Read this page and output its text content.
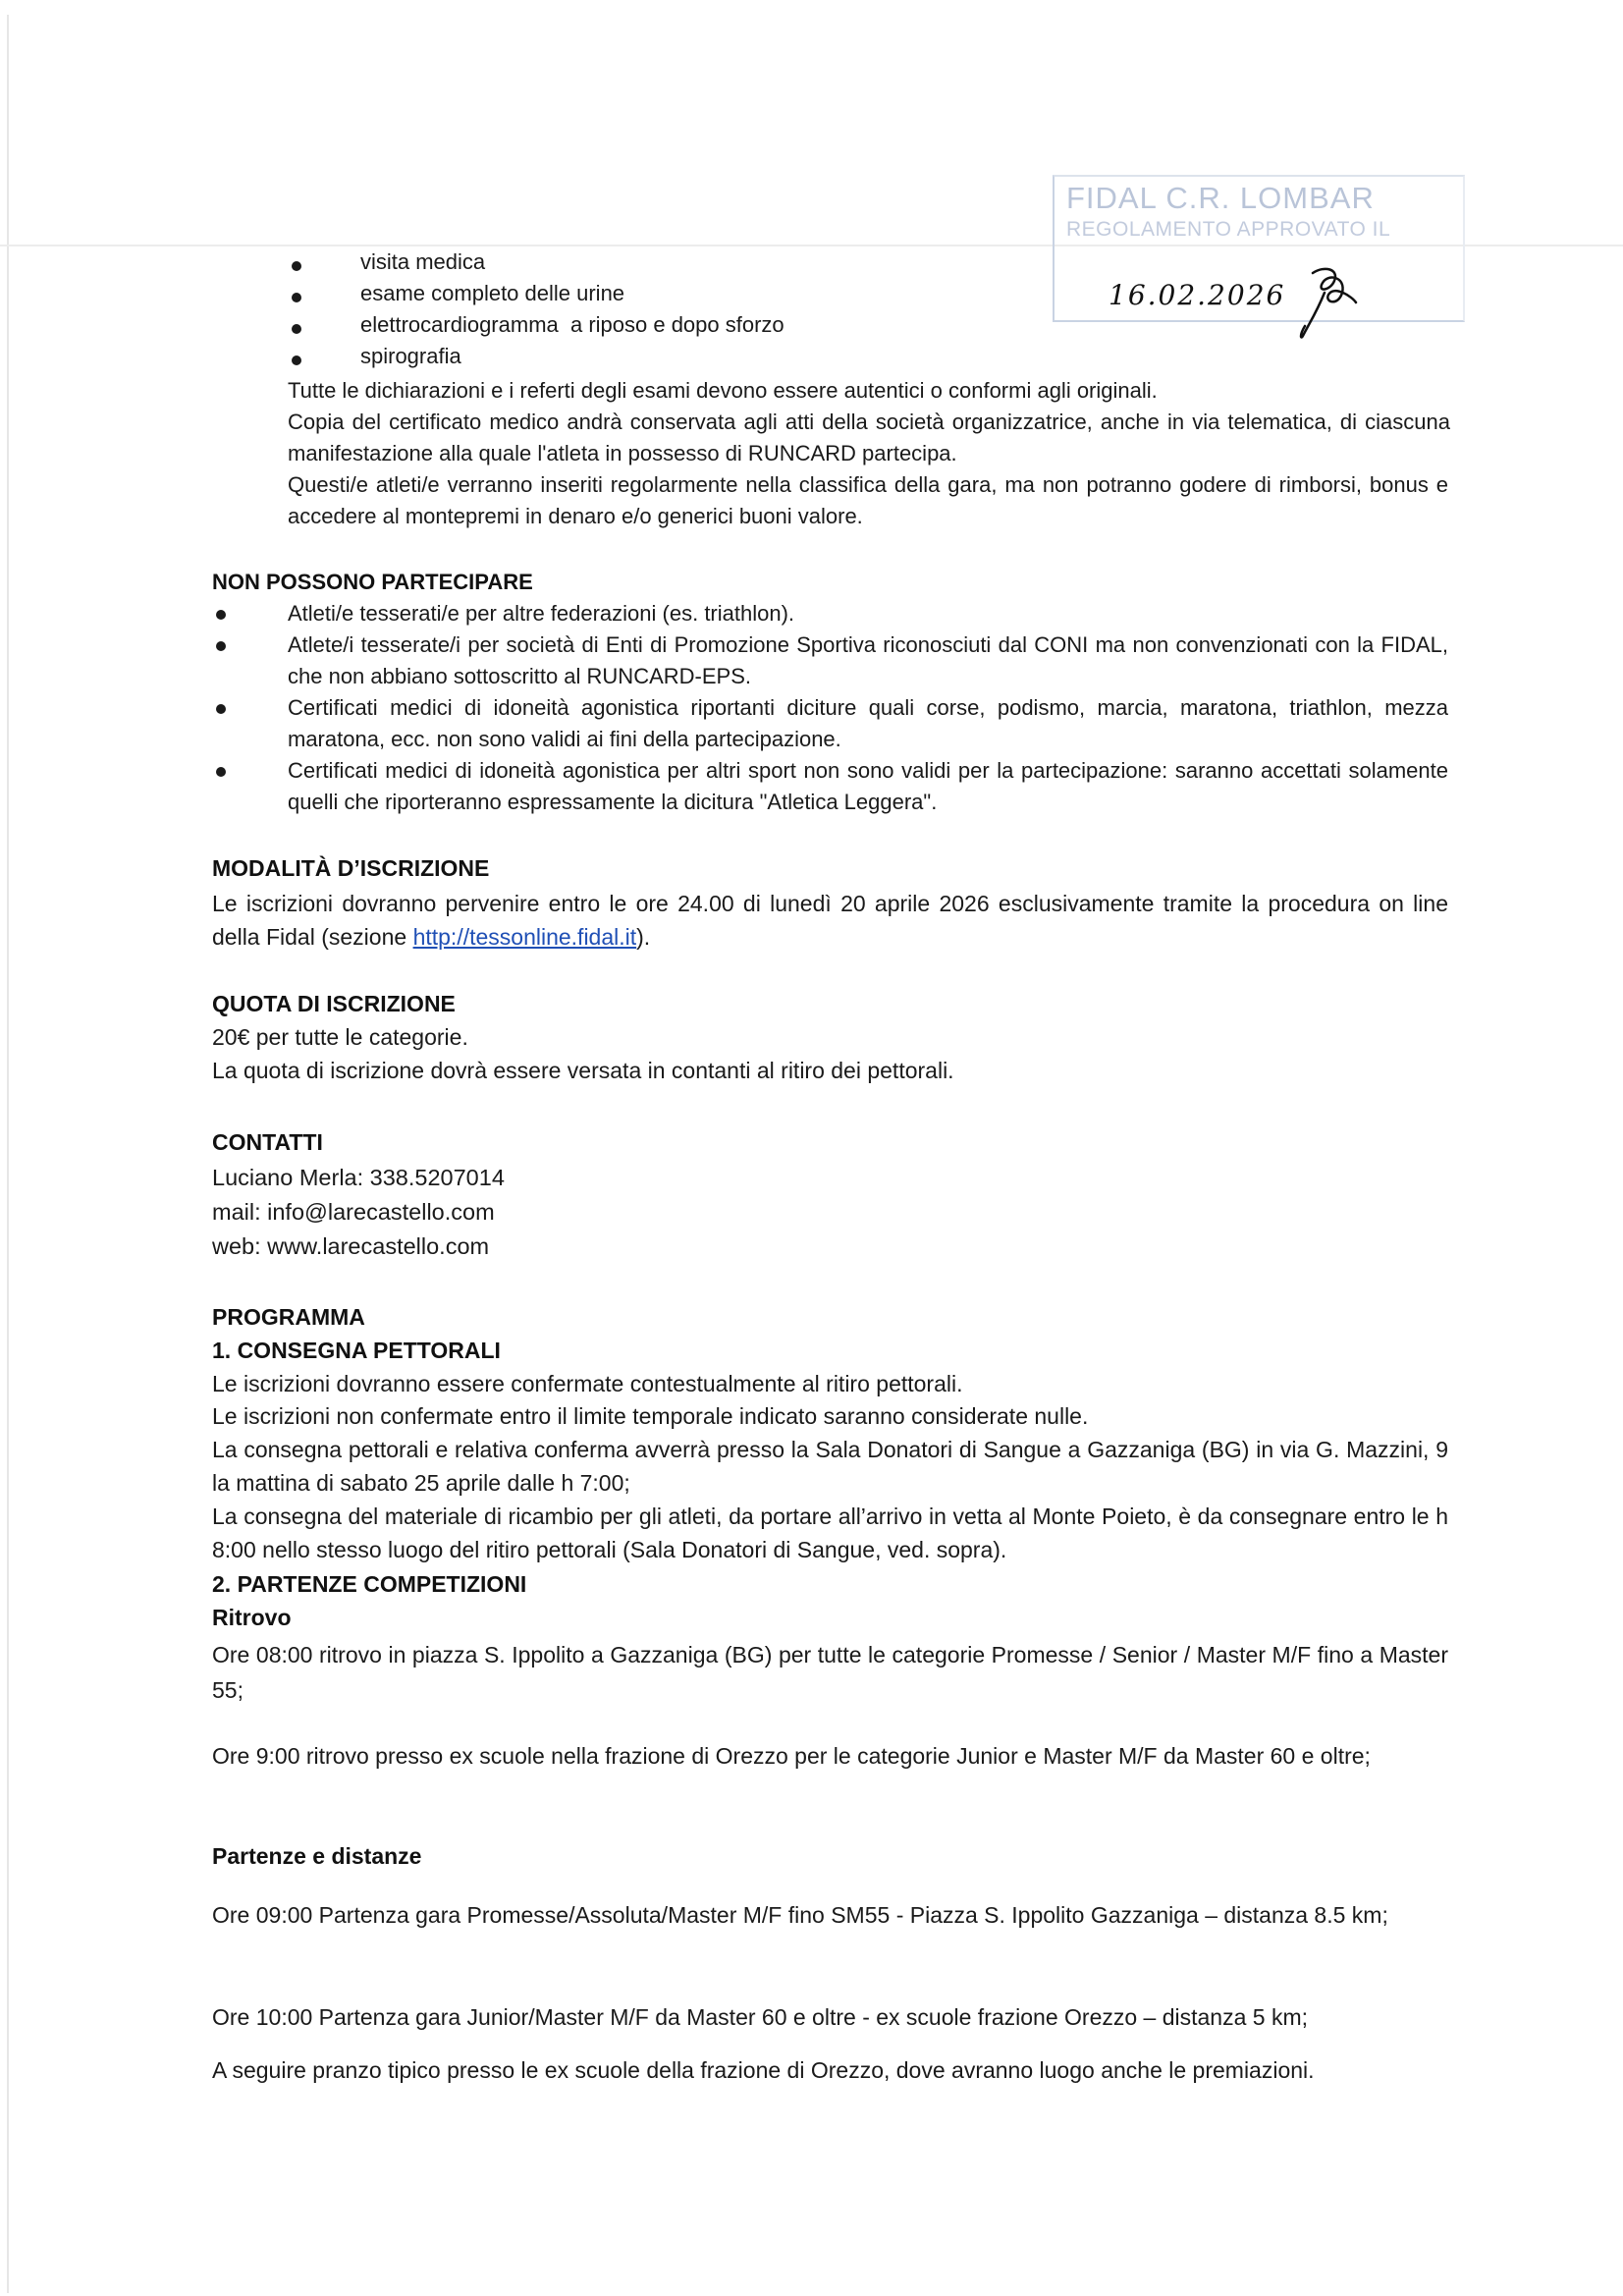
FIDAL C.R. LOMBAR
REGOLAMENTO APPROVATO IL
16.02.2026
visita medica
esame completo delle urine
elettrocardiogramma  a riposo e dopo sforzo
spirografia
Tutte le dichiarazioni e i referti degli esami devono essere autentici o conformi agli originali.
Copia del certificato medico andrà conservata agli atti della società organizzatrice, anche in via telematica, di ciascuna manifestazione alla quale l'atleta in possesso di RUNCARD partecipa.
Questi/e atleti/e verranno inseriti regolarmente nella classifica della gara, ma non potranno godere di rimborsi, bonus e accedere al montepremi in denaro e/o generici buoni valore.
NON POSSONO PARTECIPARE
Atleti/e tesserati/e per altre federazioni (es. triathlon).
Atlete/i tesserate/i per società di Enti di Promozione Sportiva riconosciuti dal CONI ma non convenzionati con la FIDAL, che non abbiano sottoscritto al RUNCARD-EPS.
Certificati medici di idoneità agonistica riportanti diciture quali corse, podismo, marcia, maratona, triathlon, mezza maratona, ecc. non sono validi ai fini della partecipazione.
Certificati medici di idoneità agonistica per altri sport non sono validi per la partecipazione: saranno accettati solamente quelli che riporteranno espressamente la dicitura "Atletica Leggera".
MODALITÀ D’ISCRIZIONE
Le iscrizioni dovranno pervenire entro le ore 24.00 di lunedì 20 aprile 2026 esclusivamente tramite la procedura on line della Fidal (sezione http://tessonline.fidal.it).
QUOTA DI ISCRIZIONE
20€ per tutte le categorie.
La quota di iscrizione dovrà essere versata in contanti al ritiro dei pettorali.
CONTATTI
Luciano Merla: 338.5207014
mail: info@larecastello.com
web: www.larecastello.com
PROGRAMMA
1. CONSEGNA PETTORALI
Le iscrizioni dovranno essere confermate contestualmente al ritiro pettorali.
Le iscrizioni non confermate entro il limite temporale indicato saranno considerate nulle.
La consegna pettorali e relativa conferma avverrà presso la Sala Donatori di Sangue a Gazzaniga (BG) in via G. Mazzini, 9 la mattina di sabato 25 aprile dalle h 7:00;
La consegna del materiale di ricambio per gli atleti, da portare all’arrivo in vetta al Monte Poieto, è da consegnare entro le h 8:00 nello stesso luogo del ritiro pettorali (Sala Donatori di Sangue, ved. sopra).
2. PARTENZE COMPETIZIONI
Ritrovo
Ore 08:00 ritrovo in piazza S. Ippolito a Gazzaniga (BG) per tutte le categorie Promesse / Senior / Master M/F fino a Master 55;
Ore 9:00 ritrovo presso ex scuole nella frazione di Orezzo per le categorie Junior e Master M/F da Master 60 e oltre;
Partenze e distanze
Ore 09:00 Partenza gara Promesse/Assoluta/Master M/F fino SM55 - Piazza S. Ippolito Gazzaniga – distanza 8.5 km;
Ore 10:00 Partenza gara Junior/Master M/F da Master 60 e oltre - ex scuole frazione Orezzo – distanza 5 km;
A seguire pranzo tipico presso le ex scuole della frazione di Orezzo, dove avranno luogo anche le premiazioni.
